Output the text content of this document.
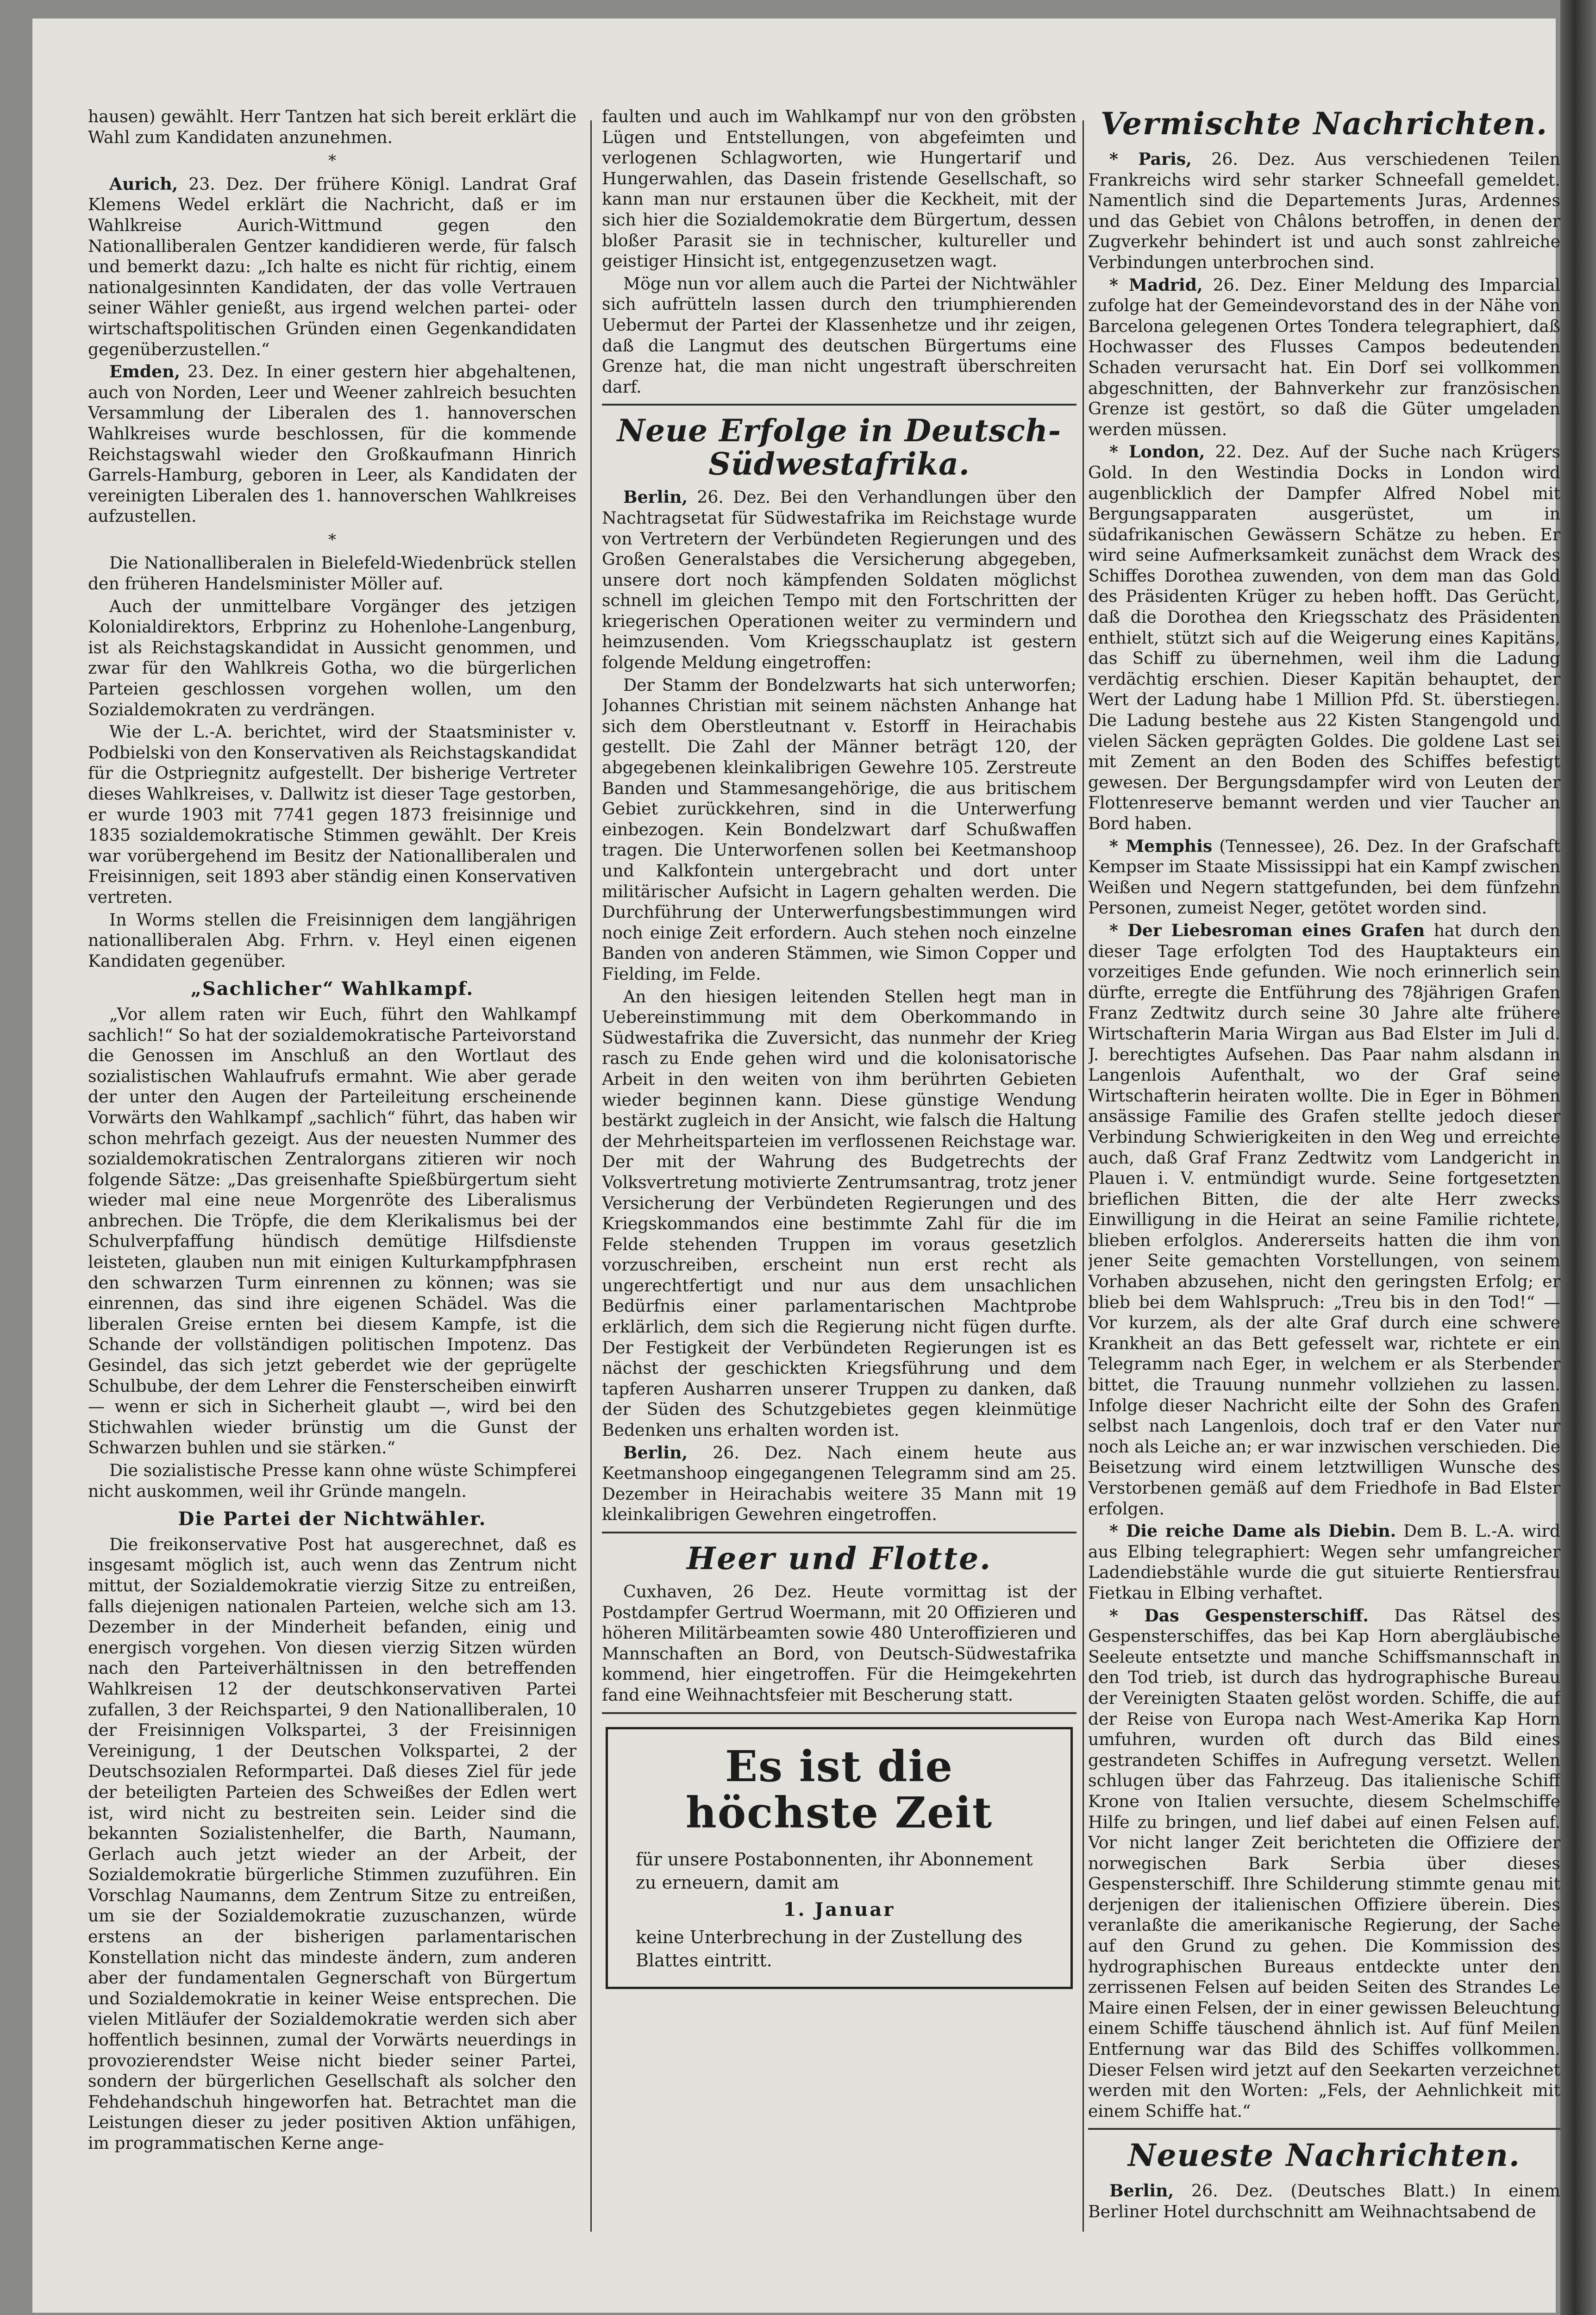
hausen) gewählt. Herr Tantzen hat sich bereit erklärt die Wahl zum Kandidaten anzunehmen.

*

Aurich, 23. Dez. Der frühere Königl. Landrat Graf Klemens Wedel erklärt die Nachricht, daß er im Wahlkreise Aurich-Wittmund gegen den Nationalliberalen Gentzer kandidieren werde, für falsch und bemerkt dazu: „Ich halte es nicht für richtig, einem nationalgesinnten Kandidaten, der das volle Vertrauen seiner Wähler genießt, aus irgend welchen partei- oder wirtschaftspolitischen Gründen einen Gegenkandidaten gegenüberzustellen.“

Emden, 23. Dez. In einer gestern hier abgehaltenen, auch von Norden, Leer und Weener zahlreich besuchten Versammlung der Liberalen des 1. hannoverschen Wahlkreises wurde beschlossen, für die kommende Reichstagswahl wieder den Großkaufmann Hinrich Garrels-Hamburg, geboren in Leer, als Kandidaten der vereinigten Liberalen des 1. hannoverschen Wahlkreises aufzustellen.

*

Die Nationalliberalen in Bielefeld-Wiedenbrück stellen den früheren Handelsminister Möller auf.

Auch der unmittelbare Vorgänger des jetzigen Kolonialdirektors, Erbprinz zu Hohenlohe-Langenburg, ist als Reichstagskandidat in Aussicht genommen, und zwar für den Wahlkreis Gotha, wo die bürgerlichen Parteien geschlossen vorgehen wollen, um den Sozialdemokraten zu verdrängen.

Wie der L.-A. berichtet, wird der Staatsminister v. Podbielski von den Konservativen als Reichstagskandidat für die Ostpriegnitz aufgestellt. Der bisherige Vertreter dieses Wahlkreises, v. Dallwitz ist dieser Tage gestorben, er wurde 1903 mit 7741 gegen 1873 freisinnige und 1835 sozialdemokratische Stimmen gewählt. Der Kreis war vorübergehend im Besitz der Nationalliberalen und Freisinnigen, seit 1893 aber ständig einen Konservativen vertreten.

In Worms stellen die Freisinnigen dem langjährigen nationalliberalen Abg. Frhrn. v. Heyl einen eigenen Kandidaten gegenüber.

„Sachlicher“ Wahlkampf.

„Vor allem raten wir Euch, führt den Wahlkampf sachlich!“ So hat der sozialdemokratische Parteivorstand die Genossen im Anschluß an den Wortlaut des sozialistischen Wahlaufrufs ermahnt. Wie aber gerade der unter den Augen der Parteileitung erscheinende Vorwärts den Wahlkampf „sachlich“ führt, das haben wir schon mehrfach gezeigt. Aus der neuesten Nummer des sozialdemokratischen Zentralorgans zitieren wir noch folgende Sätze: „Das greisenhafte Spießbürgertum sieht wieder mal eine neue Morgenröte des Liberalismus anbrechen. Die Tröpfe, die dem Klerikalismus bei der Schulverpfaffung hündisch demütige Hilfsdienste leisteten, glauben nun mit einigen Kulturkampfphrasen den schwarzen Turm einrennen zu können; was sie einrennen, das sind ihre eigenen Schädel. Was die liberalen Greise ernten bei diesem Kampfe, ist die Schande der vollständigen politischen Impotenz. Das Gesindel, das sich jetzt geberdet wie der geprügelte Schulbube, der dem Lehrer die Fensterscheiben einwirft — wenn er sich in Sicherheit glaubt —, wird bei den Stichwahlen wieder brünstig um die Gunst der Schwarzen buhlen und sie stärken.“

Die sozialistische Presse kann ohne wüste Schimpferei nicht auskommen, weil ihr Gründe mangeln.

Die Partei der Nichtwähler.

Die freikonservative Post hat ausgerechnet, daß es insgesamt möglich ist, auch wenn das Zentrum nicht mittut, der Sozialdemokratie vierzig Sitze zu entreißen, falls diejenigen nationalen Parteien, welche sich am 13. Dezember in der Minderheit befanden, einig und energisch vorgehen. Von diesen vierzig Sitzen würden nach den Parteiverhältnissen in den betreffenden Wahlkreisen 12 der deutschkonservativen Partei zufallen, 3 der Reichspartei, 9 den Nationalliberalen, 10 der Freisinnigen Volkspartei, 3 der Freisinnigen Vereinigung, 1 der Deutschen Volkspartei, 2 der Deutschsozialen Reformpartei. Daß dieses Ziel für jede der beteiligten Parteien des Schweißes der Edlen wert ist, wird nicht zu bestreiten sein. Leider sind die bekannten Sozialistenhelfer, die Barth, Naumann, Gerlach auch jetzt wieder an der Arbeit, der Sozialdemokratie bürgerliche Stimmen zuzuführen. Ein Vorschlag Naumanns, dem Zentrum Sitze zu entreißen, um sie der Sozialdemokratie zuzuschanzen, würde erstens an der bisherigen parlamentarischen Konstellation nicht das mindeste ändern, zum anderen aber der fundamentalen Gegnerschaft von Bürgertum und Sozialdemokratie in keiner Weise entsprechen. Die vielen Mitläufer der Sozialdemokratie werden sich aber hoffentlich besinnen, zumal der Vorwärts neuerdings in provozierendster Weise nicht bieder seiner Partei, sondern der bürgerlichen Gesellschaft als solcher den Fehdehandschuh hingeworfen hat. Betrachtet man die Leistungen dieser zu jeder positiven Aktion unfähigen, im programmatischen Kerne ange-

faulten und auch im Wahlkampf nur von den gröbsten Lügen und Entstellungen, von abgefeimten und verlogenen Schlagworten, wie Hungertarif und Hungerwahlen, das Dasein fristende Gesellschaft, so kann man nur erstaunen über die Keckheit, mit der sich hier die Sozialdemokratie dem Bürgertum, dessen bloßer Parasit sie in technischer, kultureller und geistiger Hinsicht ist, entgegenzusetzen wagt.

Möge nun vor allem auch die Partei der Nichtwähler sich aufrütteln lassen durch den triumphierenden Uebermut der Partei der Klassenhetze und ihr zeigen, daß die Langmut des deutschen Bürgertums eine Grenze hat, die man nicht ungestraft überschreiten darf.

Neue Erfolge in Deutsch-Südwestafrika.

Berlin, 26. Dez. Bei den Verhandlungen über den Nachtragsetat für Südwestafrika im Reichstage wurde von Vertretern der Verbündeten Regierungen und des Großen Generalstabes die Versicherung abgegeben, unsere dort noch kämpfenden Soldaten möglichst schnell im gleichen Tempo mit den Fortschritten der kriegerischen Operationen weiter zu vermindern und heimzusenden. Vom Kriegsschauplatz ist gestern folgende Meldung eingetroffen:

Der Stamm der Bondelzwarts hat sich unterworfen; Johannes Christian mit seinem nächsten Anhange hat sich dem Oberstleutnant v. Estorff in Heirachabis gestellt. Die Zahl der Männer beträgt 120, der abgegebenen kleinkalibrigen Gewehre 105. Zerstreute Banden und Stammesangehörige, die aus britischem Gebiet zurückkehren, sind in die Unterwerfung einbezogen. Kein Bondelzwart darf Schußwaffen tragen. Die Unterworfenen sollen bei Keetmanshoop und Kalkfontein untergebracht und dort unter militärischer Aufsicht in Lagern gehalten werden. Die Durchführung der Unterwerfungsbestimmungen wird noch einige Zeit erfordern. Auch stehen noch einzelne Banden von anderen Stämmen, wie Simon Copper und Fielding, im Felde.

An den hiesigen leitenden Stellen hegt man in Uebereinstimmung mit dem Oberkommando in Südwestafrika die Zuversicht, das nunmehr der Krieg rasch zu Ende gehen wird und die kolonisatorische Arbeit in den weiten von ihm berührten Gebieten wieder beginnen kann. Diese günstige Wendung bestärkt zugleich in der Ansicht, wie falsch die Haltung der Mehrheitsparteien im verflossenen Reichstage war. Der mit der Wahrung des Budgetrechts der Volksvertretung motivierte Zentrumsantrag, trotz jener Versicherung der Verbündeten Regierungen und des Kriegskommandos eine bestimmte Zahl für die im Felde stehenden Truppen im voraus gesetzlich vorzuschreiben, erscheint nun erst recht als ungerechtfertigt und nur aus dem unsachlichen Bedürfnis einer parlamentarischen Machtprobe erklärlich, dem sich die Regierung nicht fügen durfte. Der Festigkeit der Verbündeten Regierungen ist es nächst der geschickten Kriegsführung und dem tapferen Ausharren unserer Truppen zu danken, daß der Süden des Schutzgebietes gegen kleinmütige Bedenken uns erhalten worden ist.

Berlin, 26. Dez. Nach einem heute aus Keetmanshoop eingegangenen Telegramm sind am 25. Dezember in Heirachabis weitere 35 Mann mit 19 kleinkalibrigen Gewehren eingetroffen.

Heer und Flotte.

Cuxhaven, 26 Dez. Heute vormittag ist der Postdampfer Gertrud Woermann, mit 20 Offizieren und höheren Militärbeamten sowie 480 Unteroffizieren und Mannschaften an Bord, von Deutsch-Südwestafrika kommend, hier eingetroffen. Für die Heimgekehrten fand eine Weihnachtsfeier mit Bescherung statt.

Es ist die höchste Zeit
für unsere Postabonnenten, ihr Abonnement zu erneuern, damit am
1. Januar
keine Unterbrechung in der Zustellung des Blattes eintritt.
Vermischte Nachrichten.

* Paris, 26. Dez. Aus verschiedenen Teilen Frankreichs wird sehr starker Schneefall gemeldet. Namentlich sind die Departements Juras, Ardennes und das Gebiet von Châlons betroffen, in denen der Zugverkehr behindert ist und auch sonst zahlreiche Verbindungen unterbrochen sind.

* Madrid, 26. Dez. Einer Meldung des Imparcial zufolge hat der Gemeindevorstand des in der Nähe von Barcelona gelegenen Ortes Tondera telegraphiert, daß Hochwasser des Flusses Campos bedeutenden Schaden verursacht hat. Ein Dorf sei vollkommen abgeschnitten, der Bahnverkehr zur französischen Grenze ist gestört, so daß die Güter umgeladen werden müssen.

* London, 22. Dez. Auf der Suche nach Krügers Gold. In den Westindia Docks in London wird augenblicklich der Dampfer Alfred Nobel mit Bergungsapparaten ausgerüstet, um in südafrikanischen Gewässern Schätze zu heben. Er wird seine Aufmerksamkeit zunächst dem Wrack des Schiffes Dorothea zuwenden, von dem man das Gold des Präsidenten Krüger zu heben hofft. Das Gerücht, daß die Dorothea den Kriegsschatz des Präsidenten enthielt, stützt sich auf die Weigerung eines Kapitäns, das Schiff zu übernehmen, weil ihm die Ladung verdächtig erschien. Dieser Kapitän behauptet, der Wert der Ladung habe 1 Million Pfd. St. überstiegen. Die Ladung bestehe aus 22 Kisten Stangengold und vielen Säcken geprägten Goldes. Die goldene Last sei mit Zement an den Boden des Schiffes befestigt gewesen. Der Bergungsdampfer wird von Leuten der Flottenreserve bemannt werden und vier Taucher an Bord haben.

* Memphis (Tennessee), 26. Dez. In der Grafschaft Kempser im Staate Mississippi hat ein Kampf zwischen Weißen und Negern stattgefunden, bei dem fünfzehn Personen, zumeist Neger, getötet worden sind.

* Der Liebesroman eines Grafen hat durch den dieser Tage erfolgten Tod des Hauptakteurs ein vorzeitiges Ende gefunden. Wie noch erinnerlich sein dürfte, erregte die Entführung des 78jährigen Grafen Franz Zedtwitz durch seine 30 Jahre alte frühere Wirtschafterin Maria Wirgan aus Bad Elster im Juli d. J. berechtigtes Aufsehen. Das Paar nahm alsdann in Langenlois Aufenthalt, wo der Graf seine Wirtschafterin heiraten wollte. Die in Eger in Böhmen ansässige Familie des Grafen stellte jedoch dieser Verbindung Schwierigkeiten in den Weg und erreichte auch, daß Graf Franz Zedtwitz vom Landgericht in Plauen i. V. entmündigt wurde. Seine fortgesetzten brieflichen Bitten, die der alte Herr zwecks Einwilligung in die Heirat an seine Familie richtete, blieben erfolglos. Andererseits hatten die ihm von jener Seite gemachten Vorstellungen, von seinem Vorhaben abzusehen, nicht den geringsten Erfolg; er blieb bei dem Wahlspruch: „Treu bis in den Tod!“ — Vor kurzem, als der alte Graf durch eine schwere Krankheit an das Bett gefesselt war, richtete er ein Telegramm nach Eger, in welchem er als Sterbender bittet, die Trauung nunmehr vollziehen zu lassen. Infolge dieser Nachricht eilte der Sohn des Grafen selbst nach Langenlois, doch traf er den Vater nur noch als Leiche an; er war inzwischen verschieden. Die Beisetzung wird einem letztwilligen Wunsche des Verstorbenen gemäß auf dem Friedhofe in Bad Elster erfolgen.

* Die reiche Dame als Diebin. Dem B. L.-A. wird aus Elbing telegraphiert: Wegen sehr umfangreicher Ladendiebstähle wurde die gut situierte Rentiersfrau Fietkau in Elbing verhaftet.

* Das Gespensterschiff. Das Rätsel des Gespensterschiffes, das bei Kap Horn abergläubische Seeleute entsetzte und manche Schiffsmannschaft in den Tod trieb, ist durch das hydrographische Bureau der Vereinigten Staaten gelöst worden. Schiffe, die auf der Reise von Europa nach West-Amerika Kap Horn umfuhren, wurden oft durch das Bild eines gestrandeten Schiffes in Aufregung versetzt. Wellen schlugen über das Fahrzeug. Das italienische Schiff Krone von Italien versuchte, diesem Schelmschiffe Hilfe zu bringen, und lief dabei auf einen Felsen auf. Vor nicht langer Zeit berichteten die Offiziere der norwegischen Bark Serbia über dieses Gespensterschiff. Ihre Schilderung stimmte genau mit derjenigen der italienischen Offiziere überein. Dies veranlaßte die amerikanische Regierung, der Sache auf den Grund zu gehen. Die Kommission des hydrographischen Bureaus entdeckte unter den zerrissenen Felsen auf beiden Seiten des Strandes Le Maire einen Felsen, der in einer gewissen Beleuchtung einem Schiffe täuschend ähnlich ist. Auf fünf Meilen Entfernung war das Bild des Schiffes vollkommen. Dieser Felsen wird jetzt auf den Seekarten verzeichnet werden mit den Worten: „Fels, der Aehnlichkeit mit einem Schiffe hat.“

Neueste Nachrichten.

Berlin, 26. Dez. (Deutsches Blatt.) In einem Berliner Hotel durchschnitt am Weihnachtsabend de
